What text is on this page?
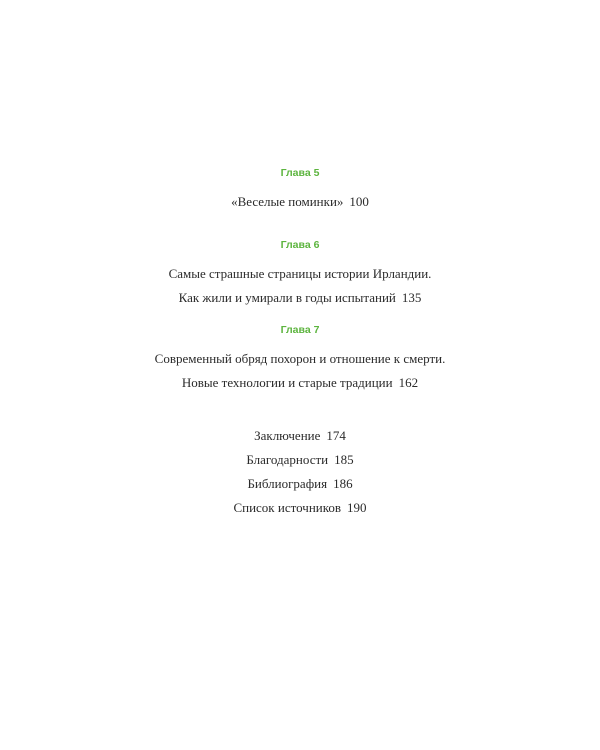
Глава 5
«Веселые поминки» 100
Глава 6
Самые страшные страницы истории Ирландии.
Как жили и умирали в годы испытаний 135
Глава 7
Современный обряд похорон и отношение к смерти.
Новые технологии и старые традиции 162
Заключение 174
Благодарности 185
Библиография 186
Список источников 190
